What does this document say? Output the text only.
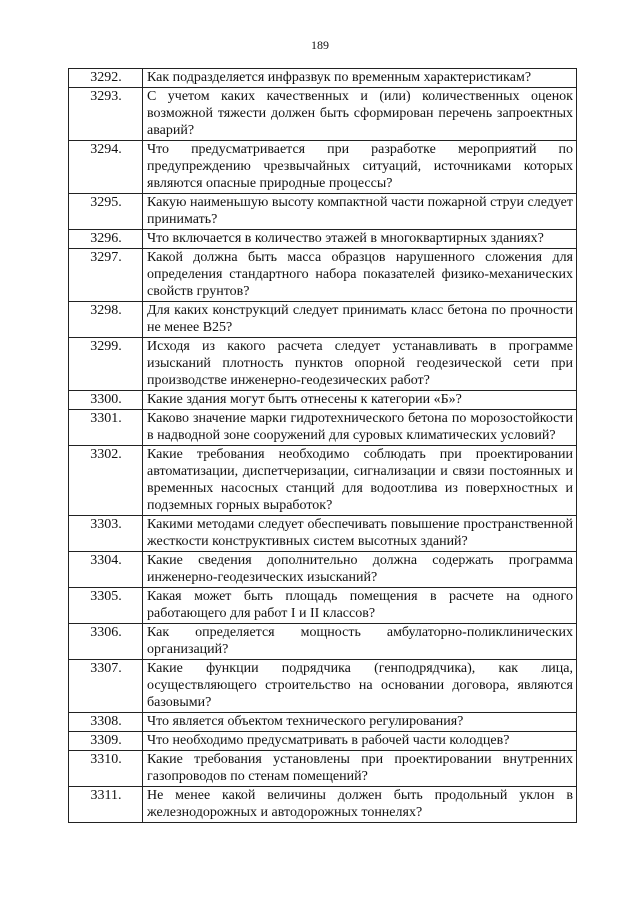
189
3292.	Как подразделяется инфразвук по временным характеристикам?
3293.	С учетом каких качественных и (или) количественных оценок возможной тяжести должен быть сформирован перечень запроектных аварий?
3294.	Что предусматривается при разработке мероприятий по предупреждению чрезвычайных ситуаций, источниками которых являются опасные природные процессы?
3295.	Какую наименьшую высоту компактной части пожарной струи следует принимать?
3296.	Что включается в количество этажей в многоквартирных зданиях?
3297.	Какой должна быть масса образцов нарушенного сложения для определения стандартного набора показателей физико-механических свойств грунтов?
3298.	Для каких конструкций следует принимать класс бетона по прочности не менее B25?
3299.	Исходя из какого расчета следует устанавливать в программе изысканий плотность пунктов опорной геодезической сети при производстве инженерно-геодезических работ?
3300.	Какие здания могут быть отнесены к категории «Б»?
3301.	Каково значение марки гидротехнического бетона по морозостойкости в надводной зоне сооружений для суровых климатических условий?
3302.	Какие требования необходимо соблюдать при проектировании автоматизации, диспетчеризации, сигнализации и связи постоянных и временных насосных станций для водоотлива из поверхностных и подземных горных выработок?
3303.	Какими методами следует обеспечивать повышение пространственной жесткости конструктивных систем высотных зданий?
3304.	Какие сведения дополнительно должна содержать программа инженерно-геодезических изысканий?
3305.	Какая может быть площадь помещения в расчете на одного работающего для работ I и II классов?
3306.	Как определяется мощность амбулаторно-поликлинических организаций?
3307.	Какие функции подрядчика (генподрядчика), как лица, осуществляющего строительство на основании договора, являются базовыми?
3308.	Что является объектом технического регулирования?
3309.	Что необходимо предусматривать в рабочей части колодцев?
3310.	Какие требования установлены при проектировании внутренних газопроводов по стенам помещений?
3311.	Не менее какой величины должен быть продольный уклон в железнодорожных и автодорожных тоннелях?
